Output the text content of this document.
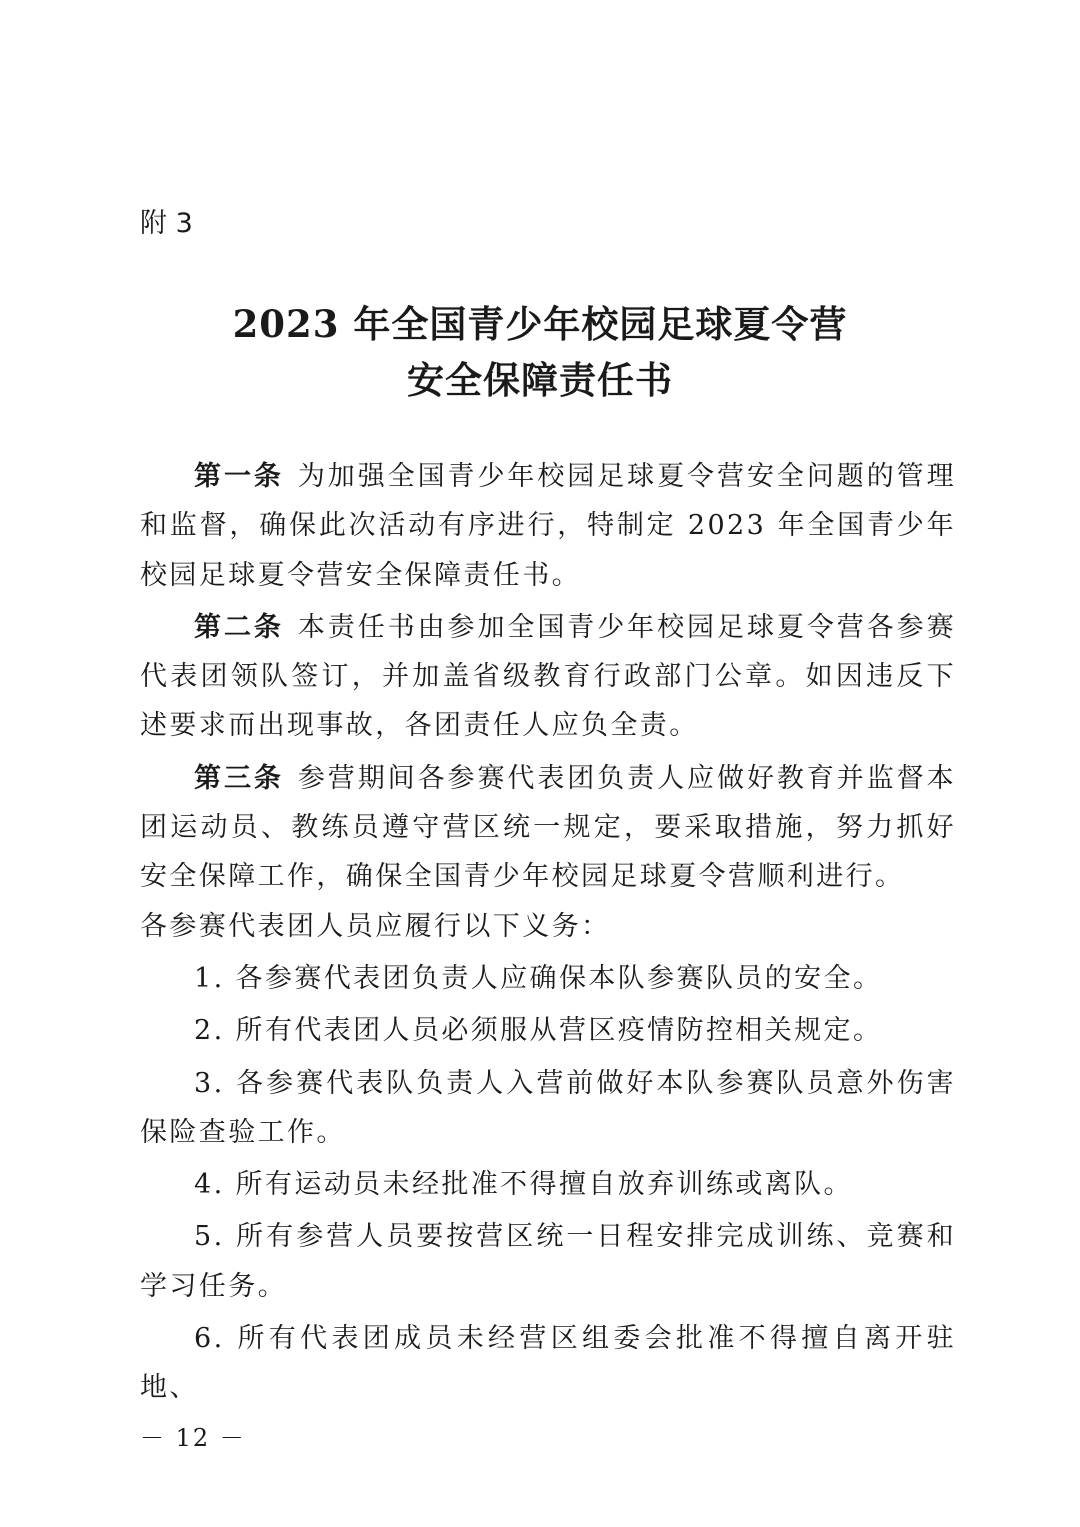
附 3

2023 年全国青少年校园足球夏令营
安全保障责任书

第一条 为加强全国青少年校园足球夏令营安全问题的管理和监督，确保此次活动有序进行，特制定 2023 年全国青少年校园足球夏令营安全保障责任书。

第二条 本责任书由参加全国青少年校园足球夏令营各参赛代表团领队签订，并加盖省级教育行政部门公章。如因违反下述要求而出现事故，各团责任人应负全责。

第三条 参营期间各参赛代表团负责人应做好教育并监督本团运动员、教练员遵守营区统一规定，要采取措施，努力抓好安全保障工作，确保全国青少年校园足球夏令营顺利进行。

各参赛代表团人员应履行以下义务：

1. 各参赛代表团负责人应确保本队参赛队员的安全。

2. 所有代表团人员必须服从营区疫情防控相关规定。

3. 各参赛代表队负责人入营前做好本队参赛队员意外伤害保险查验工作。

4. 所有运动员未经批准不得擅自放弃训练或离队。

5. 所有参营人员要按营区统一日程安排完成训练、竞赛和学习任务。

6. 所有代表团成员未经营区组委会批准不得擅自离开驻地、

－ 12 －
